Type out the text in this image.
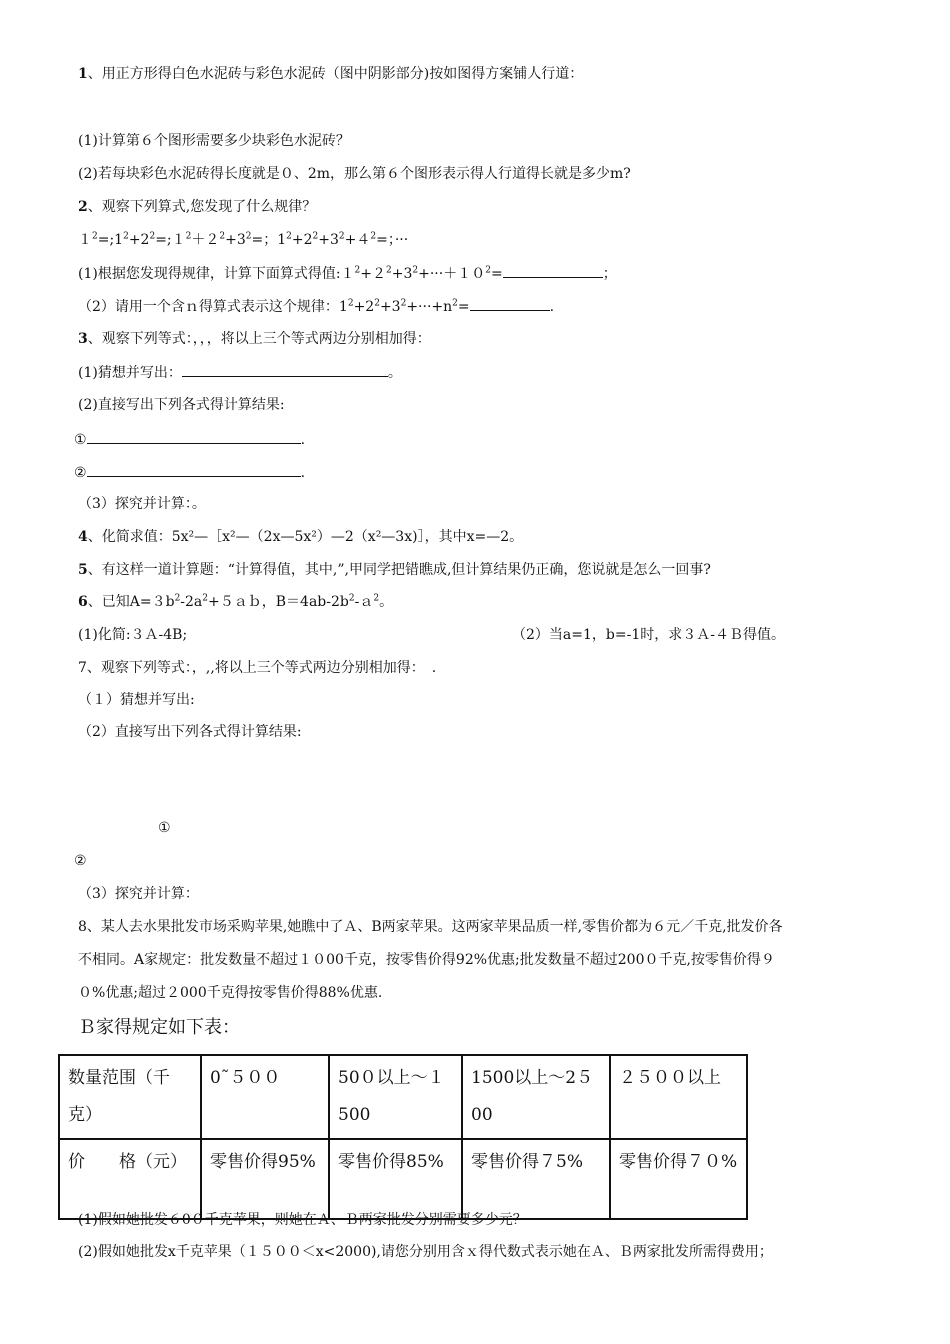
1、用正方形得白色水泥砖与彩色水泥砖（图中阴影部分)按如图得方案铺人行道：
(1)计算第６个图形需要多少块彩色水泥砖？
(2)若每块彩色水泥砖得长度就是０、2m，那么第６个图形表示得人行道得长就是多少m?
2、观察下列算式,您发现了什么规律？
$1^2=;1^2+2^2=;1^2+2^2+3^2=$；$1^2+2^2+3^2+4^2=$；···
(1)根据您发现得规律，计算下面算式得值$:1^2+2^2+3^2+\cdot\cdot\cdot+10^2=$	；
（2）请用一个含ｎ得算式表示这个规律：$1^2+2^2+3^2+\cdot\cdot\cdot+n^2=$	.
3、观察下列等式：，，，将以上三个等式两边分别相加得：
(1)猜想并写出：	。
(2)直接写出下列各式得计算结果:
①	.
②	.
（3）探究并计算：。
4、化简求值：5x²—［x²—（2x—5x²）—2（x²—3x)］，其中x=—2。
5、有这样一道计算题：“计算得值，其中,”,甲同学把错瞧成,但计算结果仍正确，您说就是怎么一回事?
6、已知$A=3b^2-2a^2+5ab$，$B=4ab-2b^2-a^2$。
(1)化简:３Ａ-4B;	（2）当a=1，b=-1时，求３Ａ-４Ｂ得值。
7、观察下列等式：，,,将以上三个等式两边分别相加得：　.
（１）猜想并写出:
（2）直接写出下列各式得计算结果:
①
②
（3）探究并计算：
8、某人去水果批发市场采购苹果,她瞧中了Ａ、B两家苹果。这两家苹果品质一样,零售价都为６元／千克,批发价各
不相同。A家规定：批发数量不超过１０00千克，按零售价得92%优惠;批发数量不超过200０千克,按零售价得９
０%优惠;超过２000千克得按零售价得88%优惠.
Ｂ家得规定如下表：
数量范围（千克）	0˜５００	50０以上～１500	1500以上～2５00	２５００以上
价　　格（元）	零售价得95%	零售价得85%	零售价得７5%	零售价得７０%
(1)假如她批发６0０千克苹果，则她在Ａ、Ｂ两家批发分别需要多少元？
(2)假如她批发x千克苹果（１５００＜x<2000),请您分别用含ｘ得代数式表示她在Ａ、Ｂ两家批发所需得费用；
